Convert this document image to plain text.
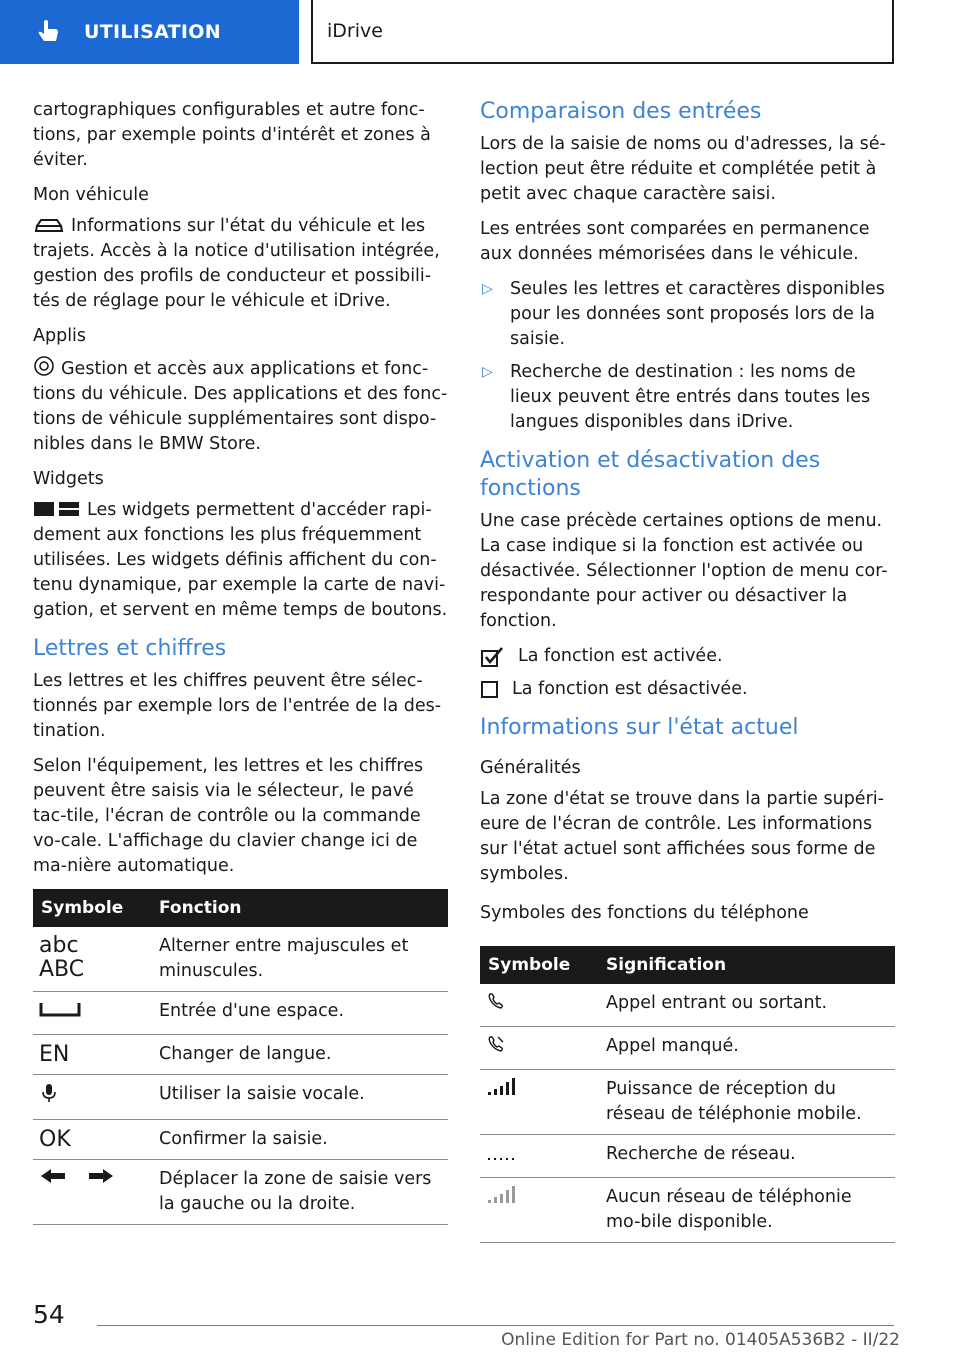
UTILISATION	iDrive

cartographiques configurables et autre fonc-tions, par exemple points d'intérêt et zones à éviter.

Mon véhicule

Informations sur l'état du véhicule et les trajets. Accès à la notice d'utilisation intégrée, gestion des profils de conducteur et possibili-tés de réglage pour le véhicule et iDrive.

Applis

Gestion et accès aux applications et fonc-tions du véhicule. Des applications et des fonc-tions de véhicule supplémentaires sont dispo-nibles dans le BMW Store.

Widgets

Les widgets permettent d'accéder rapi-dement aux fonctions les plus fréquemment utilisées. Les widgets définis affichent du con-tenu dynamique, par exemple la carte de navi-gation, et servent en même temps de boutons.

Lettres et chiffres

Les lettres et les chiffres peuvent être sélec-tionnés par exemple lors de l'entrée de la des-tination.

Selon l'équipement, les lettres et les chiffres peuvent être saisis via le sélecteur, le pavé tac-tile, l'écran de contrôle ou la commande vo-cale. L'affichage du clavier change ici de ma-nière automatique.

Symbole	Fonction

abc
ABC	Alterner entre majuscules et minuscules.
	Entrée d'une espace.
EN	Changer de langue.
	Utiliser la saisie vocale.
OK	Confirmer la saisie.
	Déplacer la zone de saisie vers la gauche ou la droite.
Comparaison des entrées

Lors de la saisie de noms ou d'adresses, la sé-lection peut être réduite et complétée petit à petit avec chaque caractère saisi.

Les entrées sont comparées en permanence aux données mémorisées dans le véhicule.

▷ Seules les lettres et caractères disponibles pour les données sont proposés lors de la saisie.
▷ Recherche de destination : les noms de lieux peuvent être entrés dans toutes les langues disponibles dans iDrive.
Activation et désactivation des fonctions

Une case précède certaines options de menu. La case indique si la fonction est activée ou désactivée. Sélectionner l'option de menu cor-respondante pour activer ou désactiver la fonction.

La fonction est activée.
La fonction est désactivée.
Informations sur l'état actuel
Généralités

La zone d'état se trouve dans la partie supéri-eure de l'écran de contrôle. Les informations sur l'état actuel sont affichées sous forme de symboles.

Symboles des fonctions du téléphone
Symbole	Signification
	Appel entrant ou sortant.
	Appel manqué.
	Puissance de réception du réseau de téléphonie mobile.
	Recherche de réseau.
	Aucun réseau de téléphonie mo-bile disponible.
54
Online Edition for Part no. 01405A536B2 - II/22
